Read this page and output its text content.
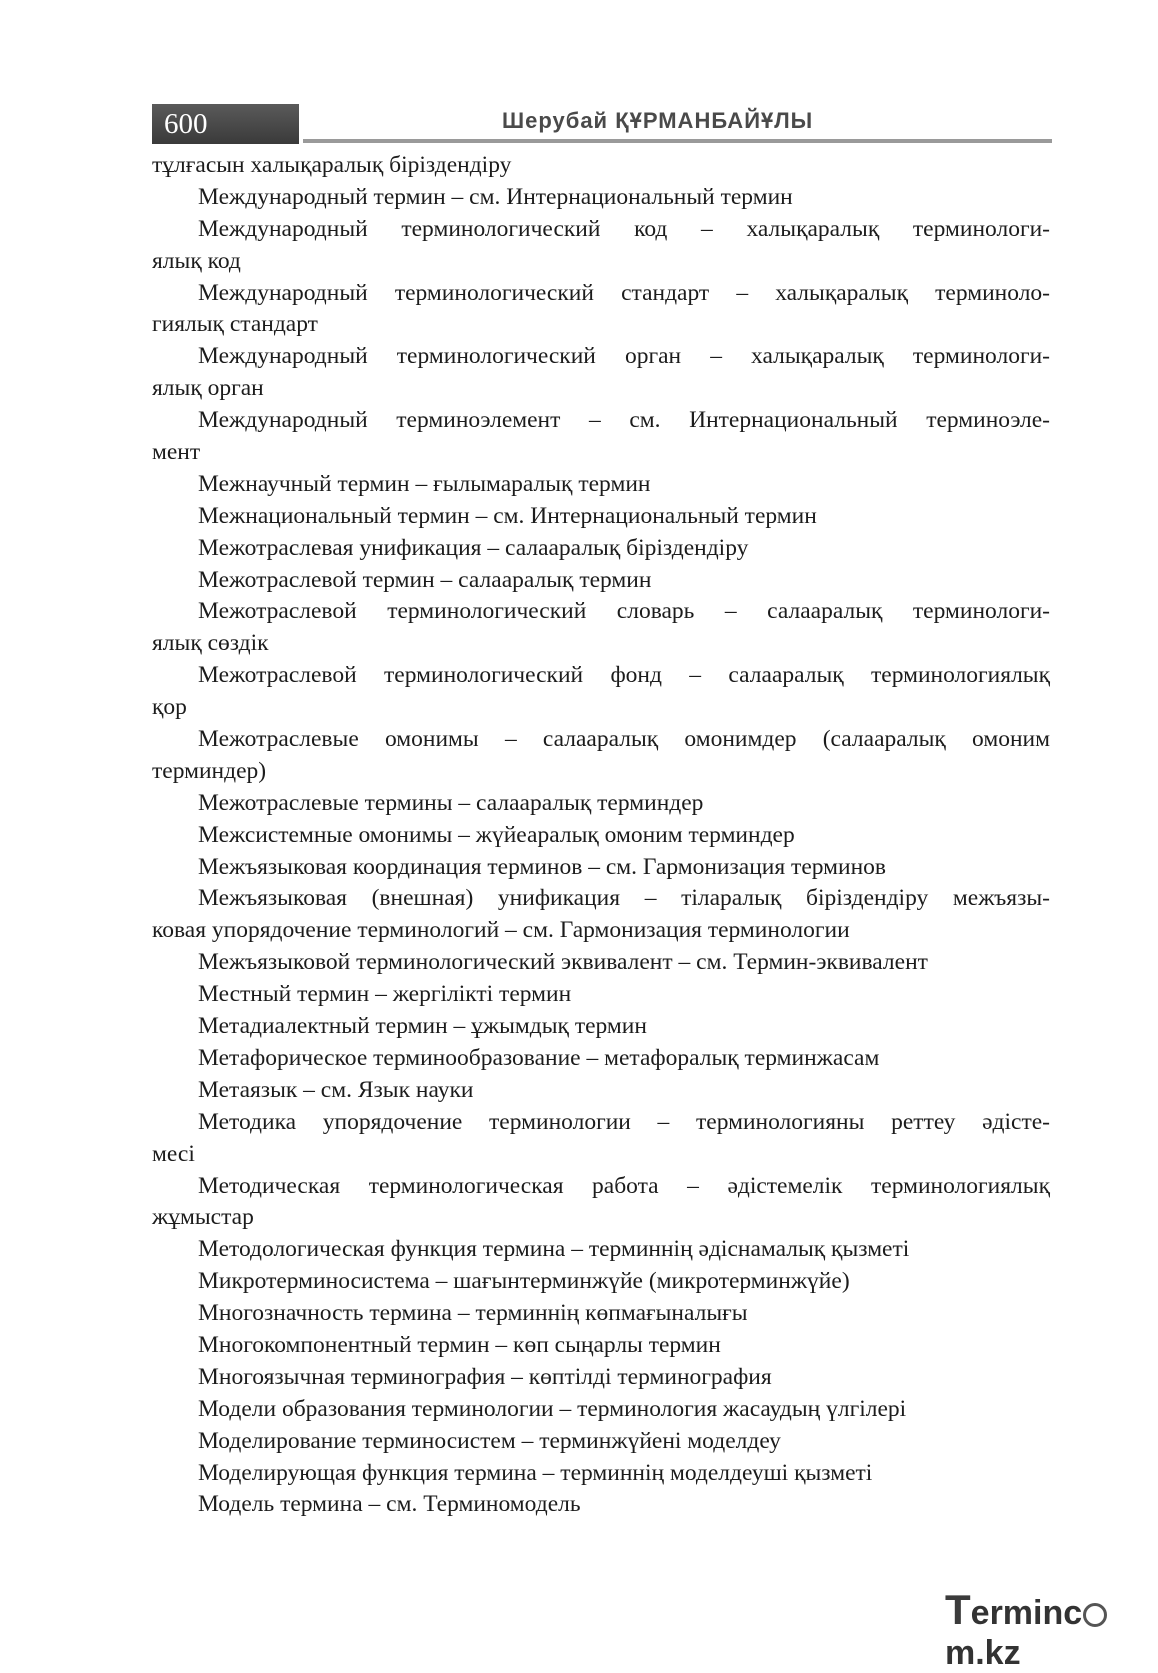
600	Шерубай ҚҰРМАНБАЙҰЛЫ
тұлғасын халықаралық біріздендіру
Международный термин – см. Интернациональный термин
Международный терминологический код – халықаралық терминологи-
ялық код
Международный терминологический стандарт – халықаралық терминоло-
гиялық стандарт
Международный терминологический орган – халықаралық терминологи-
ялық орган
Международный терминоэлемент – см. Интернациональный терминоэле-
мент
Межнаучный термин – ғылымаралық термин
Межнациональный термин – см. Интернациональный термин
Межотраслевая унификация – салааралық біріздендіру
Межотраслевой термин – салааралық термин
Межотраслевой терминологический словарь – салааралық терминологи-
ялық сөздік
Межотраслевой терминологический фонд – салааралық терминологиялық
қор
Межотраслевые омонимы – салааралық омонимдер (салааралық омоним
терминдер)
Межотраслевые термины – салааралық терминдер
Межсистемные омонимы – жүйеаралық омоним терминдер
Межъязыковая координация терминов – см. Гармонизация терминов
Межъязыковая (внешная) унификация – тіларалық біріздендіру межъязы-
ковая упорядочение терминологий – см. Гармонизация терминологии
Межъязыковой терминологический эквивалент – см. Термин-эквивалент
Местный термин – жергілікті термин
Метадиалектный термин – ұжымдық термин
Метафорическое терминообразование – метафоралық терминжасам
Метаязык – см. Язык науки
Методика упорядочение терминологии – терминологияны реттеу әдісте-
месі
Методическая терминологическая работа – әдістемелік терминологиялық
жұмыстар
Методологическая функция термина – терминнің әдіснамалық қызметі
Микротерминосистема – шағынтерминжүйе (микротерминжүйе)
Многозначность термина – терминнің көпмағыналығы
Многокомпонентный термин – көп сыңарлы термин
Многоязычная терминография – көптілді терминография
Модели образования терминологии – терминология жасаудың үлгілері
Моделирование терминосистем – терминжүйені моделдеу
Моделирующая функция термина – терминнің моделдеуші қызметі
Модель термина – см. Терминомодель
Termincm.kz
